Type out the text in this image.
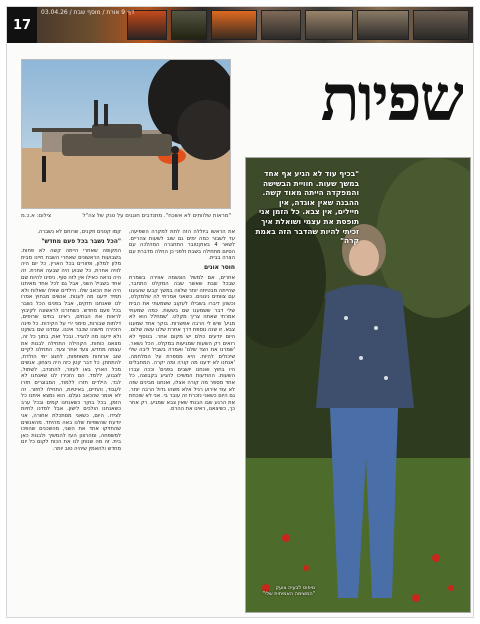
17
דף 9 אורת / מוסף שבת / 03.04.26
שפיות
"מראות שלוותים לא אשכח". מתנדבים חוגגים על טנק של צה"ל
צילום: א.כ.מ
קמו קטנים וזקנים, שרוחם לא נשברה.
"הכל נשבר בכל פעם מחדש"
התקופה שאחרי הייתה קשה לא פחות. בשבועות הראשונים שאחרי השבת חיינו מבית מלון למלון, ופזורים בכל הארץ. כל יום היה לוויה אחרת, כל שבוע היה שבעה אחרת. זה היה נראה כאילו אין לזה סוף. ניסינו להיות שם אחד בשביל השני, אבל גם לכל אחד מאיתנו היה את הכאב שלו. הילדים שאלו שאלות ולא תמיד ידענו מה לענות. אנשים מבחוץ אמרו לנו שאנחנו חזקים, אבל בפנים הכל נשבר בכל פעם מחדש. כשחזרנו לראשונה לקיבוץ לראות את הבתים, ראינו בתים שרופים, דלתות שבורות, סימני ירי על הקירות. כל פינה הזכירה מישהו שכבר איננו. עמדנו שם בשקט ולא ידענו מה להגיד. ובכל זאת, בתוך כל זה, מצאנו כוחות. הקהילה התחילה לבנות את עצמה מחדש, צעד אחר צעד. התחלנו לקיים שוב ארוחות משותפות, לחגוג ימי הולדת, להתחתן. כל דבר קטן כזה היה ניצחון. אנשים מכל הארץ באו לעזור, להתנדב, לשתול, לצבוע, ללמד. הם הזכירו לנו שאנחנו לא לבד. הילדים חזרו ללמוד, המבוגרים חזרו לעבוד, והחיים, באיטיות, התחילו לחזור. זה לא אומר שהכאב נעלם. הוא נמצא איתנו כל הזמן, בכל בוקר כשאנחנו קמים ובכל ערב כשאנחנו הולכים לישון. אבל למדנו לחיות לצידו. היום, כשאני מסתכלת אחורה, אני יודעת שהשפיות שלנו באה מהיחד. מהאנשים שהחזיקו אחד את השני, מהשכנים שהפכו למשפחה, ומהרצון העז להמשיך ולבנות כאן בית. זה מה שנותן לנו את הכוח לקום כל יום מחדש ולהאמין שיהיה טוב יותר.
את הראשו ביוללה הזה לתת למקרה השפיעה, עד לשבור כמה ימים גם שוב לשעות צהריים. לשאר 4 באוקטובר התחברה המהלכה עם הסיום מתחילה בשבת ולפני כן החלה מדברת עם הצרה בבית.
חוסר אונים
אחרים, אם למשל הוגשמה אווירה בשמרת שבכל שבת שאשר שבה המקלט התחבר, שהייתה מבטיחה יותר שלווה במשך קבעו שהגענו עם צוותים ניגונים. כשאני אמרתי לה שלמקלט, וכשהן דיברו בשבילו לעקוב ששמעתי את הבית שלי דבר ששמענו שם בשעות. כמה שמעתי אמרתי שאתה צריך מקלט. 'שמחלל הוא לא מגיע' שיש לי הרבה אפשרות. בוקר אחד שמענו צבא. זו שנה נוספת דרך אחרת שלנו עשה שלום. היום יודעים כולם יש מקום אחר. בנוסף לא רואים רק השעות שמגיעות במקלט. הכל נשאר. 'שמרנו את הצד שלנו' ואמרה בשביל ליבה שלי שיכולים להיות. היא מספרת על המלחמה. 'אנחנו לא ידענו מה קורה ומה יקרה. המחבלים היו בחוץ ואנחנו יושבים בפנים' וככה עברו השעות. ההודעות המשיכו להגיע בקבוצה, כל אחד מספר מה קורה אצלו, ואנחנו מבינים שזה לא עוד אירוע רגיל אלא משהו גדול הרבה יותר. גם היום כשאני נזכרת זה עובר בי. אני לא שוכחת את הרגע שבו הבנתי שאין צבא שמגיע. רק אחר כך, כשיצאנו, ראינו את ההרס.
"בכיף עוד לא הגיע אף אחד במשך שעות. חוויית הבשישה והמפקדה הייתה מאוד קשה. ההבנה שאין אוגדה, אין חיילים, אין צבא. כל הזמן אני תופסת את עצמי ושואלת איך זכיתי להיות שהדבר הזה באמת קרה"
טיפוס לבעיה צועק "המשימה האמיתית שלי"
